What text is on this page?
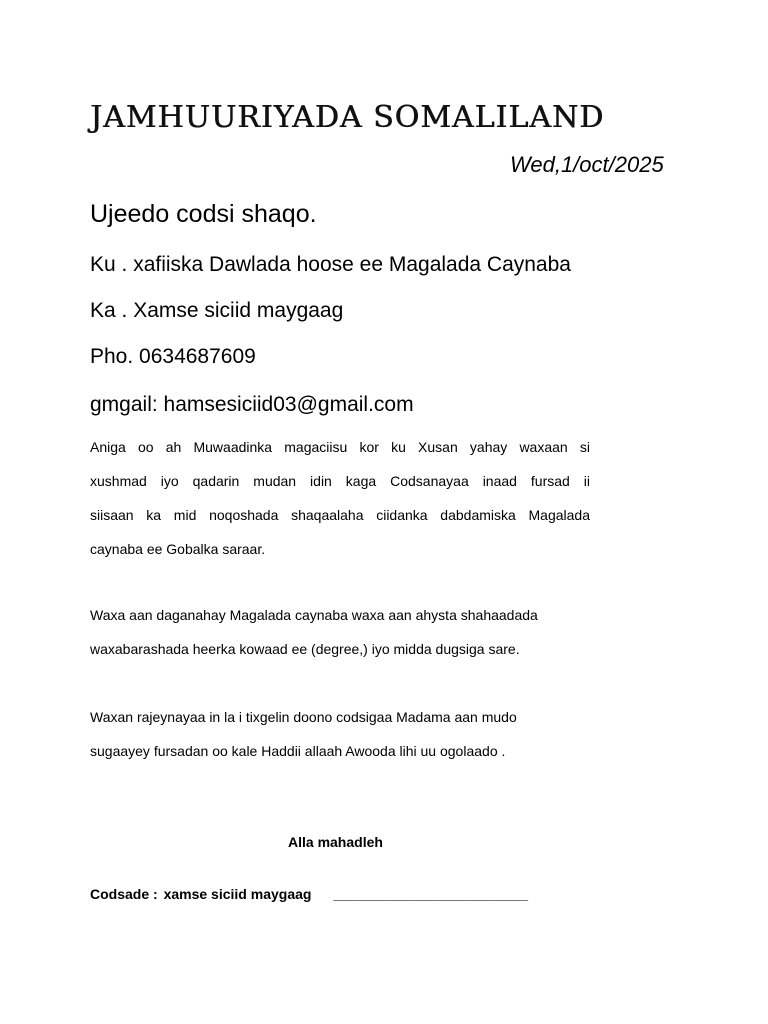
JAMHUURIYADA SOMALILAND
Wed,1/oct/2025
Ujeedo codsi shaqo.
Ku . xafiiska Dawlada hoose ee Magalada Caynaba
Ka . Xamse siciid maygaag
Pho. 0634687609
gmgail: hamsesiciid03@gmail.com
Aniga oo ah Muwaadinka magaciisu kor ku Xusan yahay waxaan si
xushmad iyo qadarin mudan idin kaga Codsanayaa inaad fursad ii
siisaan ka mid noqoshada shaqaalaha ciidanka dabdamiska Magalada
caynaba ee Gobalka saraar.
Waxa aan daganahay Magalada caynaba waxa aan ahysta shahaadada
waxabarashada heerka kowaad ee (degree,) iyo midda dugsiga sare.
Waxan rajeynayaa in la i tixgelin doono codsigaa Madama aan mudo
sugaayey fursadan oo kale Haddii allaah Awooda lihi uu ogolaado .
Alla mahadleh
Codsade : xamse siciid maygaag _________________________
